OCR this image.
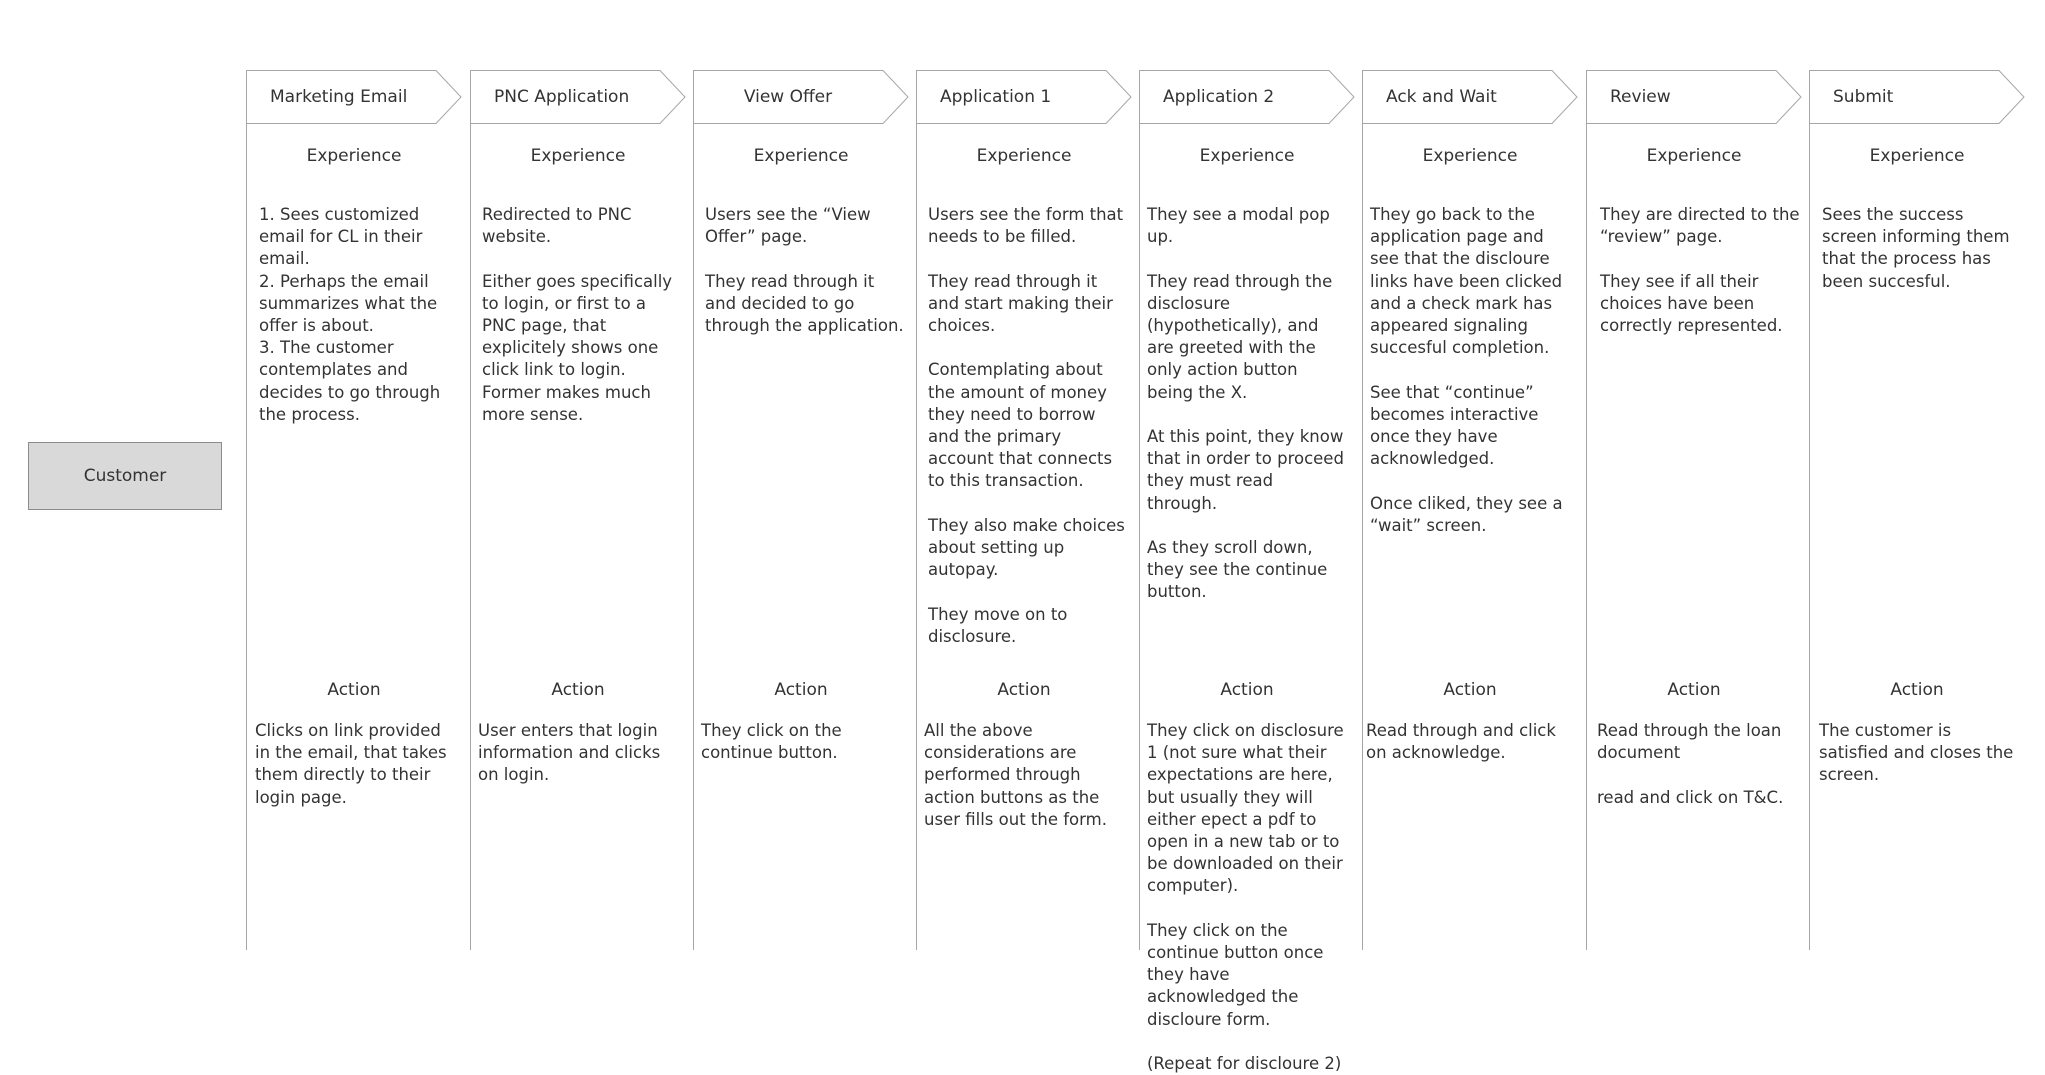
Customer
Marketing Email
Experience
1. Sees customized email for CL in their email.
2. Perhaps the email summarizes what the offer is about.
3. The customer contemplates and decides to go through the process.
Action
Clicks on link provided in the email, that takes them directly to their login page.
PNC Application
Experience
Redirected to PNC website.

Either goes specifically to login, or first to a PNC page, that explicitely shows one click link to login. Former makes much more sense.
Action
User enters that login information and clicks on login.
View Offer
Experience
Users see the “View Offer” page.

They read through it and decided to go through the application.
Action
They click on the continue button.
Application 1
Experience
Users see the form that needs to be filled.

They read through it and start making their choices.

Contemplating about the amount of money they need to borrow and the primary account that connects to this transaction.

They also make choices about setting up autopay.

They move on to disclosure.
Action
All the above considerations are performed through action buttons as the user fills out the form.
Application 2
Experience
They see a modal pop up.

They read through the disclosure (hypothetically), and are greeted with the only action button being the X.

At this point, they know that in order to proceed they must read through.

As they scroll down, they see the continue button.
Action
They click on disclosure 1 (not sure what their expectations are here, but usually they will either epect a pdf to open in a new tab or to be downloaded on their computer).

They click on the continue button once they have acknowledged the discloure form.

(Repeat for discloure 2)
Ack and Wait
Experience
They go back to the application page and see that the discloure links have been clicked and a check mark has appeared signaling succesful completion.

See that “continue” becomes interactive once they have acknowledged.

Once cliked, they see a “wait” screen.
Action
Read through and click on acknowledge.
Review
Experience
They are directed to the “review” page.

They see if all their choices have been correctly represented.
Action
Read through the loan document

read and click on T&C.
Submit
Experience
Sees the success screen informing them that the process has been succesful.
Action
The customer is satisfied and closes the screen.
